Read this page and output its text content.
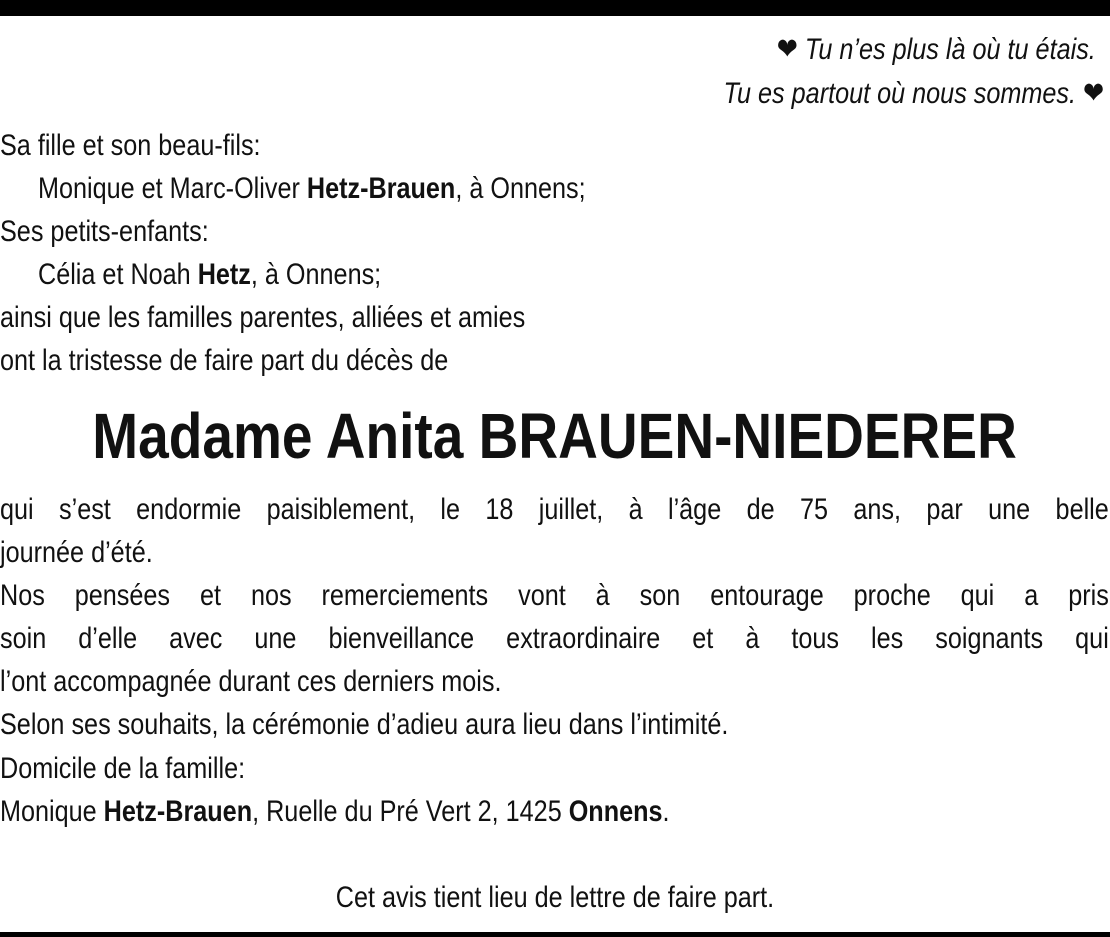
❤ Tu n’es plus là où tu étais.
Tu es partout où nous sommes. ❤
Sa fille et son beau-fils:
Monique et Marc-Oliver Hetz-Brauen, à Onnens;
Ses petits-enfants:
Célia et Noah Hetz, à Onnens;
ainsi que les familles parentes, alliées et amies
ont la tristesse de faire part du décès de
Madame Anita BRAUEN-NIEDERER
qui s’est endormie paisiblement, le 18 juillet, à l’âge de 75 ans, par une belle
journée d’été.
Nos pensées et nos remerciements vont à son entourage proche qui a pris
soin d’elle avec une bienveillance extraordinaire et à tous les soignants qui
l’ont accompagnée durant ces derniers mois.
Selon ses souhaits, la cérémonie d’adieu aura lieu dans l’intimité.
Domicile de la famille:
Monique Hetz-Brauen, Ruelle du Pré Vert 2, 1425 Onnens.
Cet avis tient lieu de lettre de faire part.
